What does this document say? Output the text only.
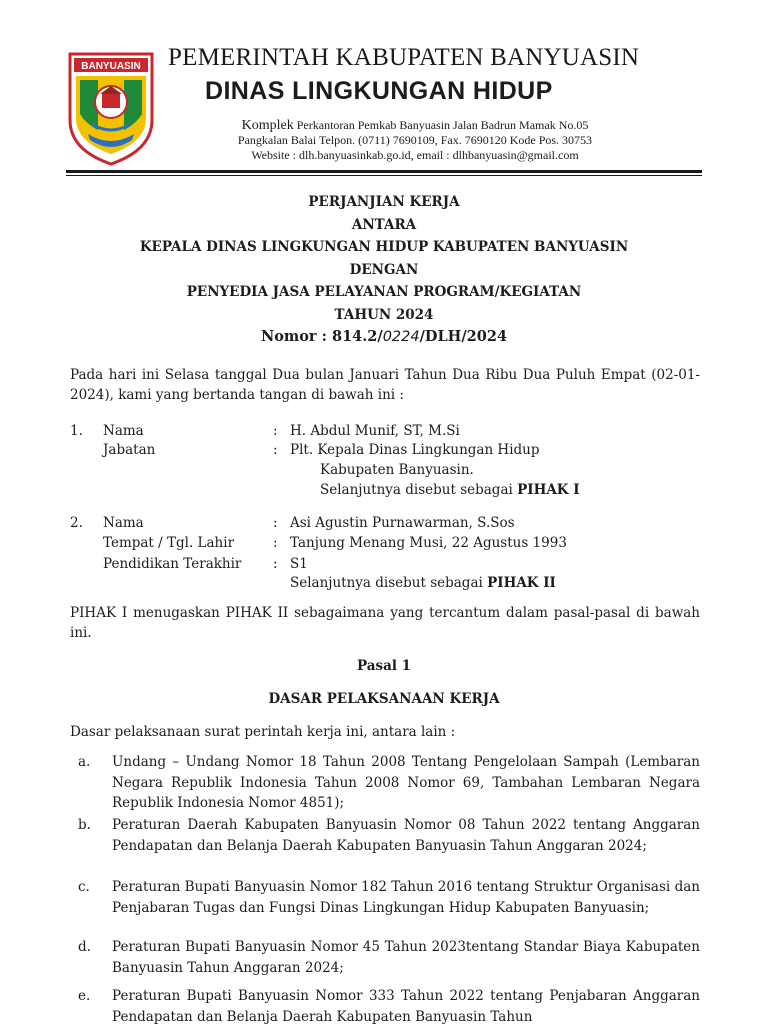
BANYUASIN PEMERINTAH KABUPATEN BANYUASIN
DINAS LINGKUNGAN HIDUP
Komplek Perkantoran Pemkab Banyuasin Jalan Badrun Mamak No.05
Pangkalan Balai Telpon. (0711) 7690109, Fax. 7690120 Kode Pos. 30753
Website : dlh.banyuasinkab.go.id, email : dlhbanyuasin@gmail.com
PERJANJIAN KERJA
ANTARA
KEPALA DINAS LINGKUNGAN HIDUP KABUPATEN BANYUASIN
DENGAN
PENYEDIA JASA PELAYANAN PROGRAM/KEGIATAN
TAHUN 2024
Nomor : 814.2/0224/DLH/2024
Pada hari ini Selasa tanggal Dua bulan Januari Tahun Dua Ribu Dua Puluh Empat (02-01-2024), kami yang bertanda tangan di bawah ini :
1. Nama	: H. Abdul Munif, ST, M.Si
Jabatan	: Plt. Kepala Dinas Lingkungan Hidup
Kabupaten Banyuasin.
Selanjutnya disebut sebagai PIHAK I
2. Nama	: Asi Agustin Purnawarman, S.Sos
Tempat / Tgl. Lahir	: Tanjung Menang Musi, 22 Agustus 1993
Pendidikan Terakhir : S1
Selanjutnya disebut sebagai PIHAK II
PIHAK I menugaskan PIHAK II sebagaimana yang tercantum dalam pasal-pasal di bawah ini.
Pasal 1
DASAR PELAKSANAAN KERJA
Dasar pelaksanaan surat perintah kerja ini, antara lain :
a. Undang – Undang Nomor 18 Tahun 2008 Tentang Pengelolaan Sampah (Lembaran Negara Republik Indonesia Tahun 2008 Nomor 69, Tambahan Lembaran Negara Republik Indonesia Nomor 4851);
b. Peraturan Daerah Kabupaten Banyuasin Nomor 08 Tahun 2022 tentang Anggaran Pendapatan dan Belanja Daerah Kabupaten Banyuasin Tahun Anggaran 2024;
c. Peraturan Bupati Banyuasin Nomor 182 Tahun 2016 tentang Struktur Organisasi dan Penjabaran Tugas dan Fungsi Dinas Lingkungan Hidup Kabupaten Banyuasin;
d. Peraturan Bupati Banyuasin Nomor 45 Tahun 2023tentang Standar Biaya Kabupaten Banyuasin Tahun Anggaran 2024;
e. Peraturan Bupati Banyuasin Nomor 333 Tahun 2022 tentang Penjabaran Anggaran Pendapatan dan Belanja Daerah Kabupaten Banyuasin Tahun
